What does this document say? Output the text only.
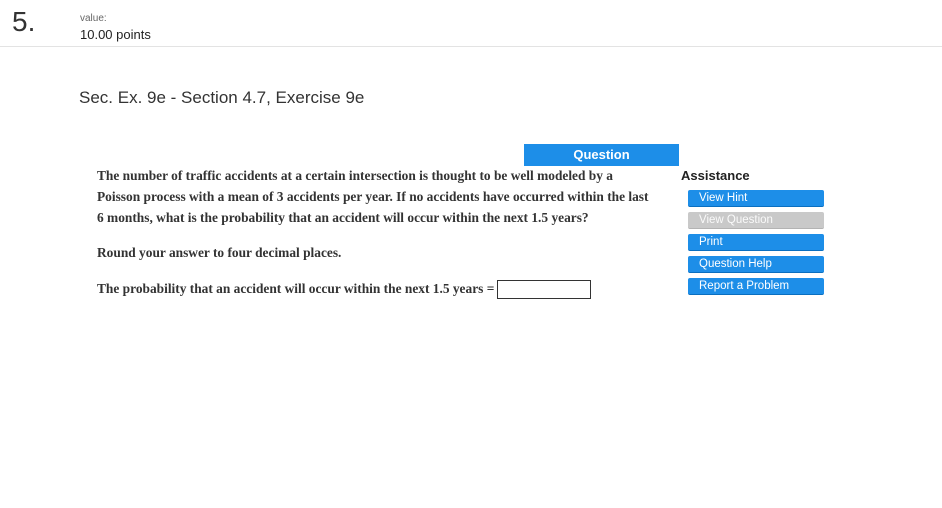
5.	value:
10.00 points
Sec. Ex. 9e - Section 4.7, Exercise 9e
Question

The number of traffic accidents at a certain intersection is thought to be well modeled by a Poisson process with a mean of 3 accidents per year. If no accidents have occurred within the last 6 months, what is the probability that an accident will occur within the next 1.5 years?

Round your answer to four decimal places.

The probability that an accident will occur within the next 1.5 years =
Assistance
View Hint
View Question
Print
Question Help
Report a Problem
